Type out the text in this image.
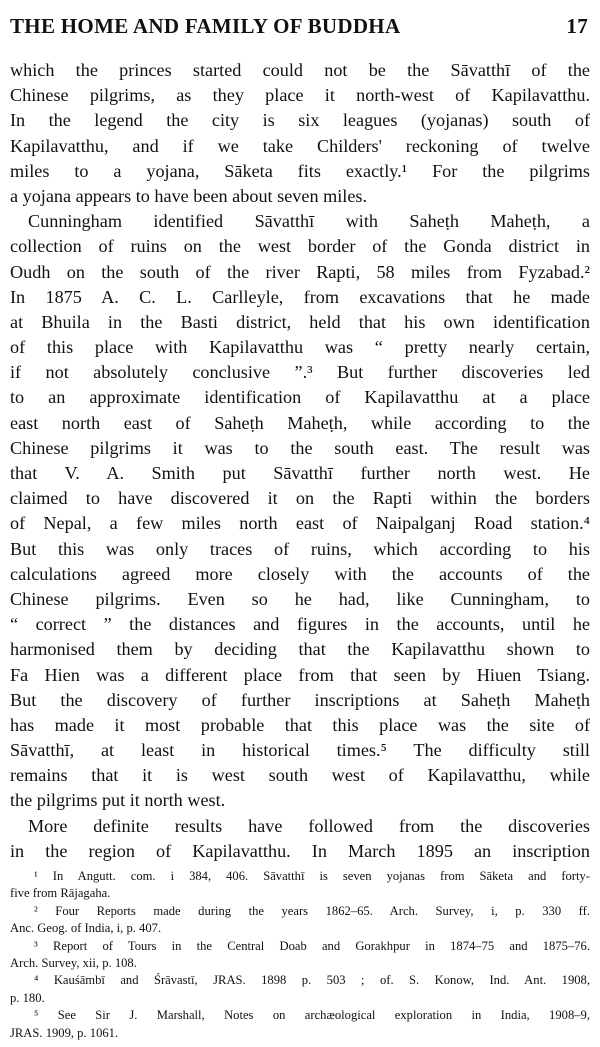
THE HOME AND FAMILY OF BUDDHA	17
which the princes started could not be the Sāvatthī of the
Chinese pilgrims, as they place it north-west of Kapilavatthu.
In the legend the city is six leagues (yojanas) south of
Kapilavatthu, and if we take Childers' reckoning of twelve
miles to a yojana, Sāketa fits exactly.¹ For the pilgrims
a yojana appears to have been about seven miles.
Cunningham identified Sāvatthī with Saheṭh Maheṭh, a
collection of ruins on the west border of the Gonda district in
Oudh on the south of the river Rapti, 58 miles from Fyzabad.²
In 1875 A. C. L. Carlleyle, from excavations that he made
at Bhuila in the Basti district, held that his own identification
of this place with Kapilavatthu was “ pretty nearly certain,
if not absolutely conclusive ”.³ But further discoveries led
to an approximate identification of Kapilavatthu at a place
east north east of Saheṭh Maheṭh, while according to the
Chinese pilgrims it was to the south east. The result was
that V. A. Smith put Sāvatthī further north west. He
claimed to have discovered it on the Rapti within the borders
of Nepal, a few miles north east of Naipalganj Road station.⁴
But this was only traces of ruins, which according to his
calculations agreed more closely with the accounts of the
Chinese pilgrims. Even so he had, like Cunningham, to
“ correct ” the distances and figures in the accounts, until he
harmonised them by deciding that the Kapilavatthu shown to
Fa Hien was a different place from that seen by Hiuen Tsiang.
But the discovery of further inscriptions at Saheṭh Maheṭh
has made it most probable that this place was the site of
Sāvatthī, at least in historical times.⁵ The difficulty still
remains that it is west south west of Kapilavatthu, while
the pilgrims put it north west.
More definite results have followed from the discoveries
in the region of Kapilavatthu. In March 1895 an inscription
¹ In Angutt. com. i 384, 406. Sāvatthī is seven yojanas from Sāketa and forty-
five from Rājagaha.
² Four Reports made during the years 1862–65. Arch. Survey, i, p. 330 ff.
Anc. Geog. of India, i, p. 407.
³ Report of Tours in the Central Doab and Gorakhpur in 1874–75 and 1875–76.
Arch. Survey, xii, p. 108.
⁴ Kauśāmbī and Śrāvastī, JRAS. 1898 p. 503 ; of. S. Konow, Ind. Ant. 1908,
p. 180.
⁵ See Sir J. Marshall, Notes on archæological exploration in India, 1908–9,
JRAS. 1909, p. 1061.
